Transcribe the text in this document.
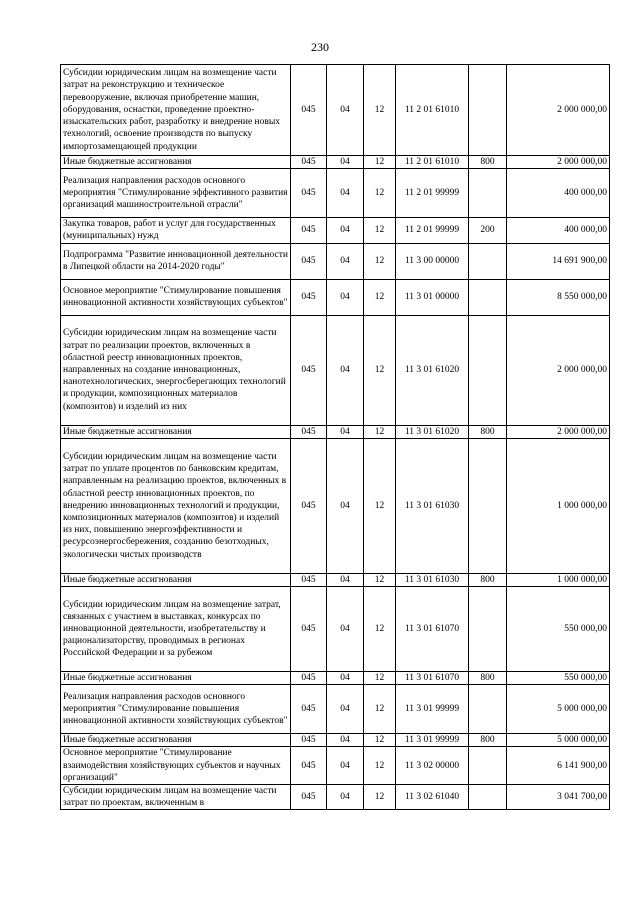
230
Субсидии юридическим лицам на возмещение части затрат на реконструкцию и техническое перевооружение, включая приобретение машин, оборудования, оснастки, проведение проектно-изыскательских работ, разработку и внедрение новых технологий, освоение производств по выпуску импортозамещающей продукции	045	04	12	11 2 01 61010		2 000 000,00
Иные бюджетные ассигнования	045	04	12	11 2 01 61010	800	2 000 000,00
Реализация направления расходов основного мероприятия "Стимулирование эффективного развития организаций машиностроительной отрасли"	045	04	12	11 2 01 99999		400 000,00
Закупка товаров, работ и услуг для государственных (муниципальных) нужд	045	04	12	11 2 01 99999	200	400 000,00
Подпрограмма "Развитие инновационной деятельности в Липецкой области на 2014-2020 годы"	045	04	12	11 3 00 00000		14 691 900,00
Основное мероприятие "Стимулирование повышения инновационной активности хозяйствующих субъектов"	045	04	12	11 3 01 00000		8 550 000,00
Субсидии юридическим лицам на возмещение части затрат по реализации проектов, включенных в областной реестр инновационных проектов, направленных на создание инновационных, нанотехнологических, энергосберегающих технологий и продукции, композиционных материалов (композитов) и изделий из них	045	04	12	11 3 01 61020		2 000 000,00
Иные бюджетные ассигнования	045	04	12	11 3 01 61020	800	2 000 000,00
Субсидии юридическим лицам на возмещение части затрат по уплате процентов по банковским кредитам, направленным на реализацию проектов, включенных в областной реестр инновационных проектов, по внедрению инновационных технологий и продукции, композиционных материалов (композитов) и изделий из них, повышению энергоэффективности и ресурсоэнергосбережения, созданию безотходных, экологически чистых производств	045	04	12	11 3 01 61030		1 000 000,00
Иные бюджетные ассигнования	045	04	12	11 3 01 61030	800	1 000 000,00
Субсидии юридическим лицам на возмещение затрат, связанных с участием в выставках, конкурсах по инновационной деятельности, изобретательству и рационализаторству, проводимых в регионах Российской Федерации и за рубежом	045	04	12	11 3 01 61070		550 000,00
Иные бюджетные ассигнования	045	04	12	11 3 01 61070	800	550 000,00
Реализация направления расходов основного мероприятия "Стимулирование повышения инновационной активности хозяйствующих субъектов"	045	04	12	11 3 01 99999		5 000 000,00
Иные бюджетные ассигнования	045	04	12	11 3 01 99999	800	5 000 000,00
Основное мероприятие "Стимулирование взаимодействия хозяйствующих субъектов и научных организаций"	045	04	12	11 3 02 00000		6 141 900,00
Субсидии юридическим лицам на возмещение части затрат по проектам, включенным в	045	04	12	11 3 02 61040		3 041 700,00
